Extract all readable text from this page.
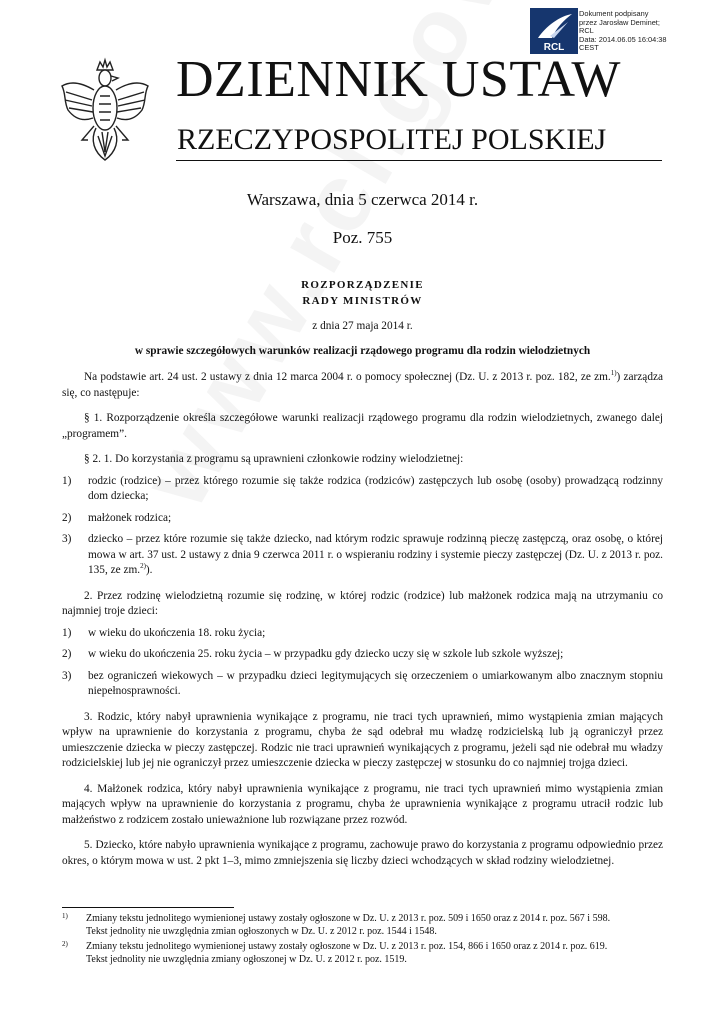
RCL
Dokument podpisany
przez Jarosław Deminet;
RCL
Data: 2014.06.05 16:04:38
CEST
DZIENNIK USTAW
RZECZYPOSPOLITEJ POLSKIEJ
Warszawa, dnia 5 czerwca 2014 r.
Poz. 755
ROZPORZĄDZENIE
RADY MINISTRÓW
z dnia 27 maja 2014 r.
w sprawie szczegółowych warunków realizacji rządowego programu dla rodzin wielodzietnych
Na podstawie art. 24 ust. 2 ustawy z dnia 12 marca 2004 r. o pomocy społecznej (Dz. U. z 2013 r. poz. 182, ze zm.$^{1)}$) zarządza się, co następuje:
§ 1. Rozporządzenie określa szczegółowe warunki realizacji rządowego programu dla rodzin wielodzietnych, zwanego dalej „programem”.
§ 2. 1. Do korzystania z programu są uprawnieni członkowie rodziny wielodzietnej:
1) rodzic (rodzice) – przez którego rozumie się także rodzica (rodziców) zastępczych lub osobę (osoby) prowadzącą rodzinny dom dziecka;
2) małżonek rodzica;
3) dziecko – przez które rozumie się także dziecko, nad którym rodzic sprawuje rodzinną pieczę zastępczą, oraz osobę, o której mowa w art. 37 ust. 2 ustawy z dnia 9 czerwca 2011 r. o wspieraniu rodziny i systemie pieczy zastępczej (Dz. U. z 2013 r. poz. 135, ze zm.$^{2)}$).
2. Przez rodzinę wielodzietną rozumie się rodzinę, w której rodzic (rodzice) lub małżonek rodzica mają na utrzymaniu co najmniej troje dzieci:
1) w wieku do ukończenia 18. roku życia;
2) w wieku do ukończenia 25. roku życia – w przypadku gdy dziecko uczy się w szkole lub szkole wyższej;
3) bez ograniczeń wiekowych – w przypadku dzieci legitymujących się orzeczeniem o umiarkowanym albo znacznym stopniu niepełnosprawności.
3. Rodzic, który nabył uprawnienia wynikające z programu, nie traci tych uprawnień, mimo wystąpienia zmian mających wpływ na uprawnienie do korzystania z programu, chyba że sąd odebrał mu władzę rodzicielską lub ją ograniczył przez umieszczenie dziecka w pieczy zastępczej. Rodzic nie traci uprawnień wynikających z programu, jeżeli sąd nie odebrał mu władzy rodzicielskiej lub jej nie ograniczył przez umieszczenie dziecka w pieczy zastępczej w stosunku do co najmniej trojga dzieci.
4. Małżonek rodzica, który nabył uprawnienia wynikające z programu, nie traci tych uprawnień mimo wystąpienia zmian mających wpływ na uprawnienie do korzystania z programu, chyba że uprawnienia wynikające z programu utracił rodzic lub małżeństwo z rodzicem zostało unieważnione lub rozwiązane przez rozwód.
5. Dziecko, które nabyło uprawnienia wynikające z programu, zachowuje prawo do korzystania z programu odpowiednio przez okres, o którym mowa w ust. 2 pkt 1–3, mimo zmniejszenia się liczby dzieci wchodzących w skład rodziny wielodzietnej.
1) Zmiany tekstu jednolitego wymienionej ustawy zostały ogłoszone w Dz. U. z 2013 r. poz. 509 i 1650 oraz z 2014 r. poz. 567 i 598.
Tekst jednolity nie uwzględnia zmian ogłoszonych w Dz. U. z 2012 r. poz. 1544 i 1548.
2) Zmiany tekstu jednolitego wymienionej ustawy zostały ogłoszone w Dz. U. z 2013 r. poz. 154, 866 i 1650 oraz z 2014 r. poz. 619.
Tekst jednolity nie uwzględnia zmiany ogłoszonej w Dz. U. z 2012 r. poz. 1519.
